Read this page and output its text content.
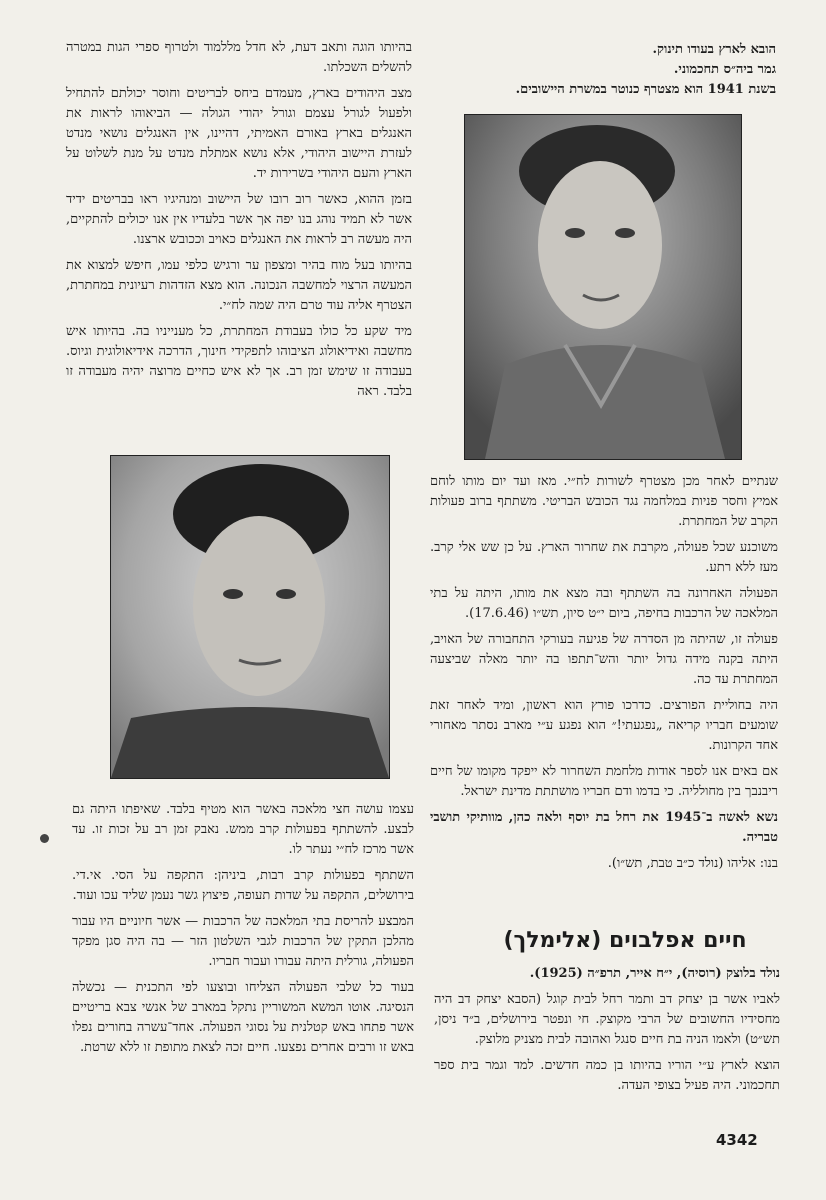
בהיותו הוגה ותאב דעת, לא חדל מללמוד ולטרוף ספרי הגות במטרה להשלים השכלתו.

מצב היהודים בארץ, מעמדם ביחס לבריטים וחוסר יכולתם להתחיל ולפעול לגורל עצמם וגורל יהודי הגולה — הביאוהו לראות את האנגלים בארץ באורם האמיתי, דהיינו, אין האנגלים נושאי מנדט לעזרת היישוב היהודי, אלא נושא אמתלת מנדט על מנת לשלוט על הארץ והעם היהודי בשרירות יד.

בזמן ההוא, כאשר רוב רובו של היישוב ומנהיגיו ראו בבריטים ידיד אשר לא תמיד נוהג בנו יפה אך אשר בלעדיו אין אנו יכולים להתקיים, היה מעשה רב לראות את האנגלים כאויב וככובש ארצנו.

בהיותו בעל מוח בהיר ומצפון ער ורגיש כלפי עמו, חיפש למצוא את המעשה הרצוי למחשבה הנכונה. הוא מצא הזדהות רעיונית במחתרת, הצטרף אליה עוד טרם היה שמה לח״י.

מיד שקע כל כולו בעבודת המחתרת, כל מענייניו בה. בהיותו איש מחשבה ואידיאולוג הציבוהו לתפקידי חינוך, הדרכה אידיאולוגית וגיוס. בעבודה זו שימש זמן רב. אך לא איש כחיים מרוצה יהיה מעבודה זו בלבד. ראה

הובא לארץ בעודו תינוק.

גמר ביה״ס תחכמוני.

בשנת 1941 הוא מצטרף כנוטר במשרת היישובים.

שנתיים לאחר מכן מצטרף לשורות לח״י. מאז ועד יום מותו לוחם אמיץ וחסר פניות במלחמה נגד הכובש הבריטי. משתתף ברוב פעולות הקרב של המחתרת.

משוכנע שכל פעולה, מקרבת את שחרור הארץ. על כן שש אלי קרב. מעז ללא רתע.

הפעולה האחרונה בה השתתף ובה מצא את מותו, היתה על בתי המלאכה של הרכבות בחיפה, ביום י״ט סיון, תש״ו (17.6.46).

פעולה זו, שהיתה מן הסדרה של פגיעה בעורקי התחבורה של האויב, היתה בקנה מידה גדול יותר והש־תתפו בה יותר מאלה שביצעה המחתרת עד כה.

היה בחוליית הפורצים. כדרכו פורץ הוא ראשון, ומיד לאחר זאת שומעים חבריו קריאה „נפגעתי!״ הוא נפגע ע״י מארב נסתר מאחורי אחד הקרונות.

אם באים אנו לספר אודות מלחמת השחרור לא ייפקד מקומו של חיים ריבנבך בין מחולליה. כי בדמו ודם חבריו מושתתת מדינת ישראל.

נשא לאשה ב־1945 את רחל בת יוסף ולאה כהן, מוותיקי תושבי טבריה.

בנו: אליהו (נולד כ״ב טבת, תש״ו).

עצמו עושה חצי מלאכה באשר הוא מטיף בלבד. שאיפתו היתה גם לבצע. להשתתף בפעולות קרב ממש. נאבק זמן רב על זכות זו. עד אשר מרכז לח״י נעתר לו.

השתתף בפעולות קרב רבות, ביניהן: התקפה על הסי. אי.די. בירושלים, התקפה על שדות תעופה, פיצוץ גשר נעמן שליד עכו ועוד.

המבצע להריסת בתי המלאכה של הרכבות — אשר חיוניים היו עבור מהלכן התקין של הרכבות לגבי השלטון הזר — בה היה סגן מפקד הפעולה, גורלית היתה עבורו ועבור חבריו.

בעוד כל שלבי הפעולה הצליחו ובוצעו לפי התכנית — נכשלה הנסיגה. אוטו המשא המשוריין נתקל במארב של אנשי צבא בריטיים אשר פתחו באש קטלנית על נסוגי הפעולה. אחד־עשרה בחורים נפלו באש זו ורבים אחרים נפצעו. חיים זכה לצאת מתופת זו ללא שרטת.

חיים אפלבוים (אלימלך)

נולד בלוצק (רוסיה), י״ח אייר, תרפ״ה (1925).

לאביו אשר בן יצחק דב ותמר רחל לבית קוגל (הסבא יצחק דב היה מחסידיו החשובים של הרבי מקוצק. חי ונפטר בירושלים, ב״ד ניסן, תש״ט) ולאמו הניה בת חיים סנגל ואהובה לבית מצניק מלוצק.

הוצא לארץ ע״י הוריו בהיותו בן כמה חדשים. למד וגמר בית ספר תחכמוני. היה פעיל בצופי העדה.

4342
